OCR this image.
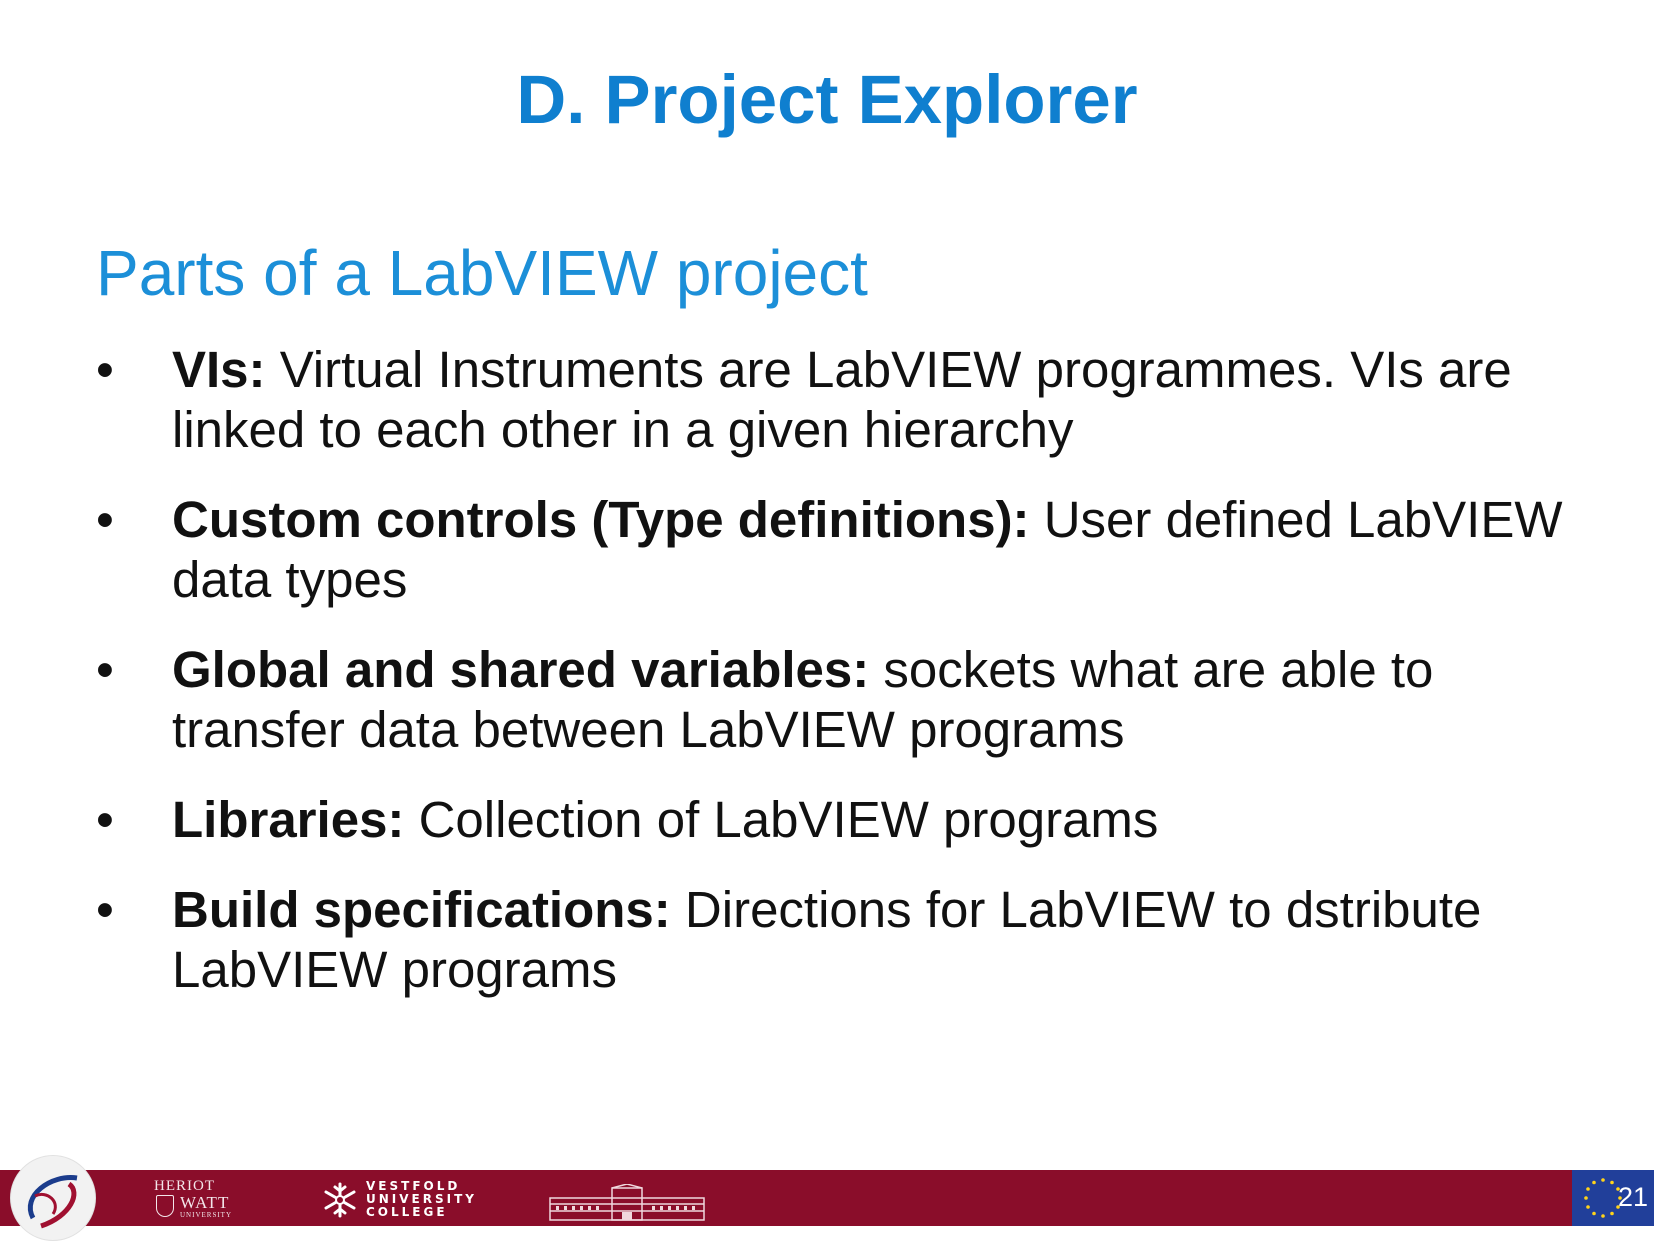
D. Project Explorer
Parts of a LabVIEW project
• VIs: Virtual Instruments are LabVIEW programmes. VIs are linked to each other in a given hierarchy
• Custom controls (Type definitions): User defined LabVIEW data types
• Global and shared variables: sockets what are able to transfer data between LabVIEW programs
• Libraries: Collection of LabVIEW programs
• Build specifications: Directions for LabVIEW to dstribute LabVIEW programs
HERIOT
WATT
UNIVERSITY
VESTFOLD
UNIVERSITY
COLLEGE	21
